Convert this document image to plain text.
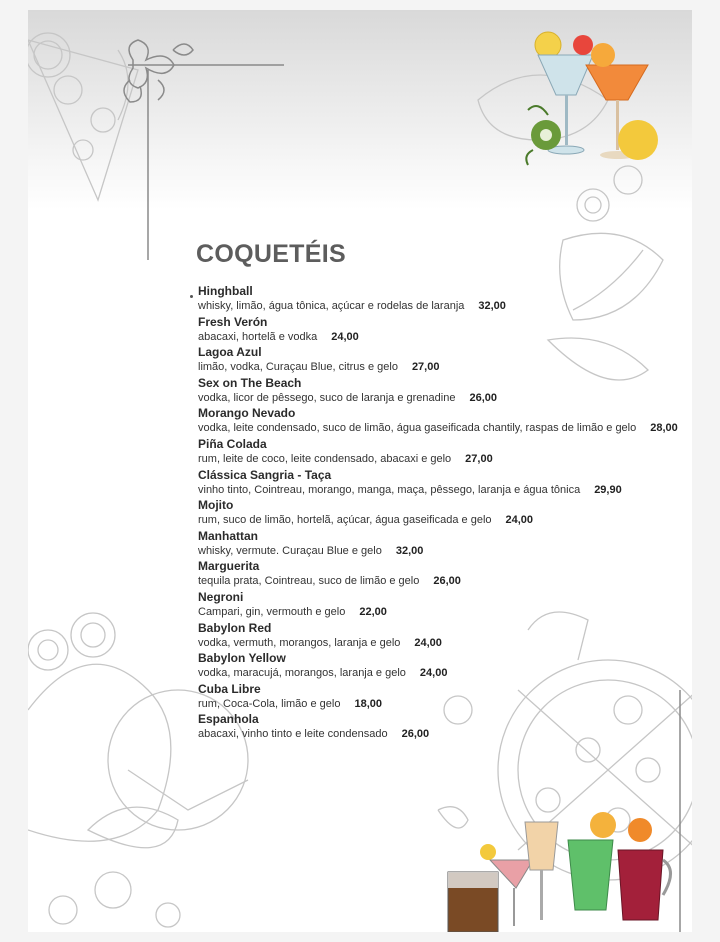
COQUETÉIS
Hinghball
whisky, limão, água tônica, açúcar e rodelas de laranja 32,00
Fresh Verón
abacaxi, hortelã e vodka 24,00
Lagoa Azul
limão, vodka, Curaçau Blue, citrus e gelo 27,00
Sex on The Beach
vodka, licor de pêssego, suco de laranja e grenadine 26,00
Morango Nevado
vodka, leite condensado, suco de limão, água gaseificada chantily, raspas de limão e gelo 28,00
Piña Colada
rum, leite de coco, leite condensado, abacaxi e gelo 27,00
Clássica Sangria - Taça
vinho tinto, Cointreau, morango, manga, maça, pêssego, laranja e água tônica 29,90
Mojito
rum, suco de limão, hortelã, açúcar, água gaseificada e gelo 24,00
Manhattan
whisky, vermute. Curaçau Blue e gelo 32,00
Marguerita
tequila prata, Cointreau, suco de limão e gelo 26,00
Negroni
Campari, gin, vermouth e gelo 22,00
Babylon Red
vodka, vermuth, morangos, laranja e gelo 24,00
Babylon Yellow
vodka, maracujá, morangos, laranja e gelo 24,00
Cuba Libre
rum, Coca-Cola, limão e gelo 18,00
Espanhola
abacaxi, vinho tinto e leite condensado 26,00
